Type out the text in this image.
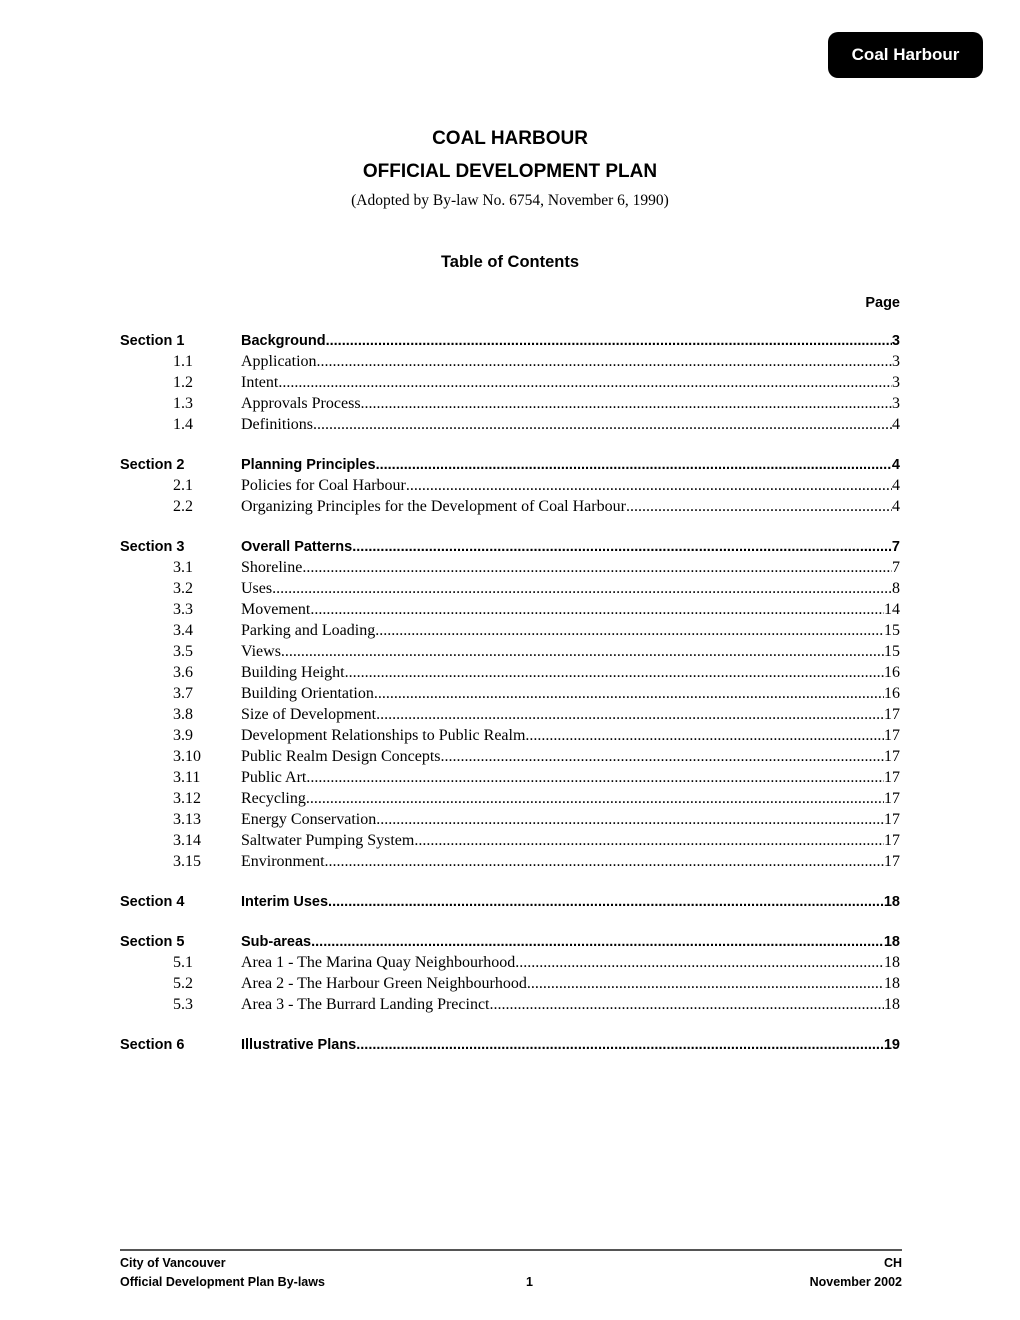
Coal Harbour
COAL HARBOUR
OFFICIAL DEVELOPMENT PLAN
(Adopted by By-law No. 6754, November 6, 1990)
Table of Contents
Page
Section 1	Background .....	3
1.1	Application .....	3
1.2	Intent .....	3
1.3	Approvals Process .....	3
1.4	Definitions .....	4
Section 2	Planning Principles .....	4
2.1	Policies for Coal Harbour .....	4
2.2	Organizing Principles for the Development of Coal Harbour .....	4
Section 3	Overall Patterns .....	7
3.1	Shoreline .....	7
3.2	Uses .....	8
3.3	Movement .....	14
3.4	Parking and Loading .....	15
3.5	Views .....	15
3.6	Building Height .....	16
3.7	Building Orientation .....	16
3.8	Size of Development .....	17
3.9	Development Relationships to Public Realm .....	17
3.10	Public Realm Design Concepts .....	17
3.11	Public Art .....	17
3.12	Recycling .....	17
3.13	Energy Conservation .....	17
3.14	Saltwater Pumping System .....	17
3.15	Environment .....	17
Section 4	Interim Uses .....	18
Section 5	Sub-areas .....	18
5.1	Area 1 - The Marina Quay Neighbourhood .....	18
5.2	Area 2 - The Harbour Green Neighbourhood .....	18
5.3	Area 3 - The Burrard Landing Precinct .....	18
Section 6	Illustrative Plans .....	19
City of Vancouver	CH
Official Development Plan By-laws	1	November 2002
